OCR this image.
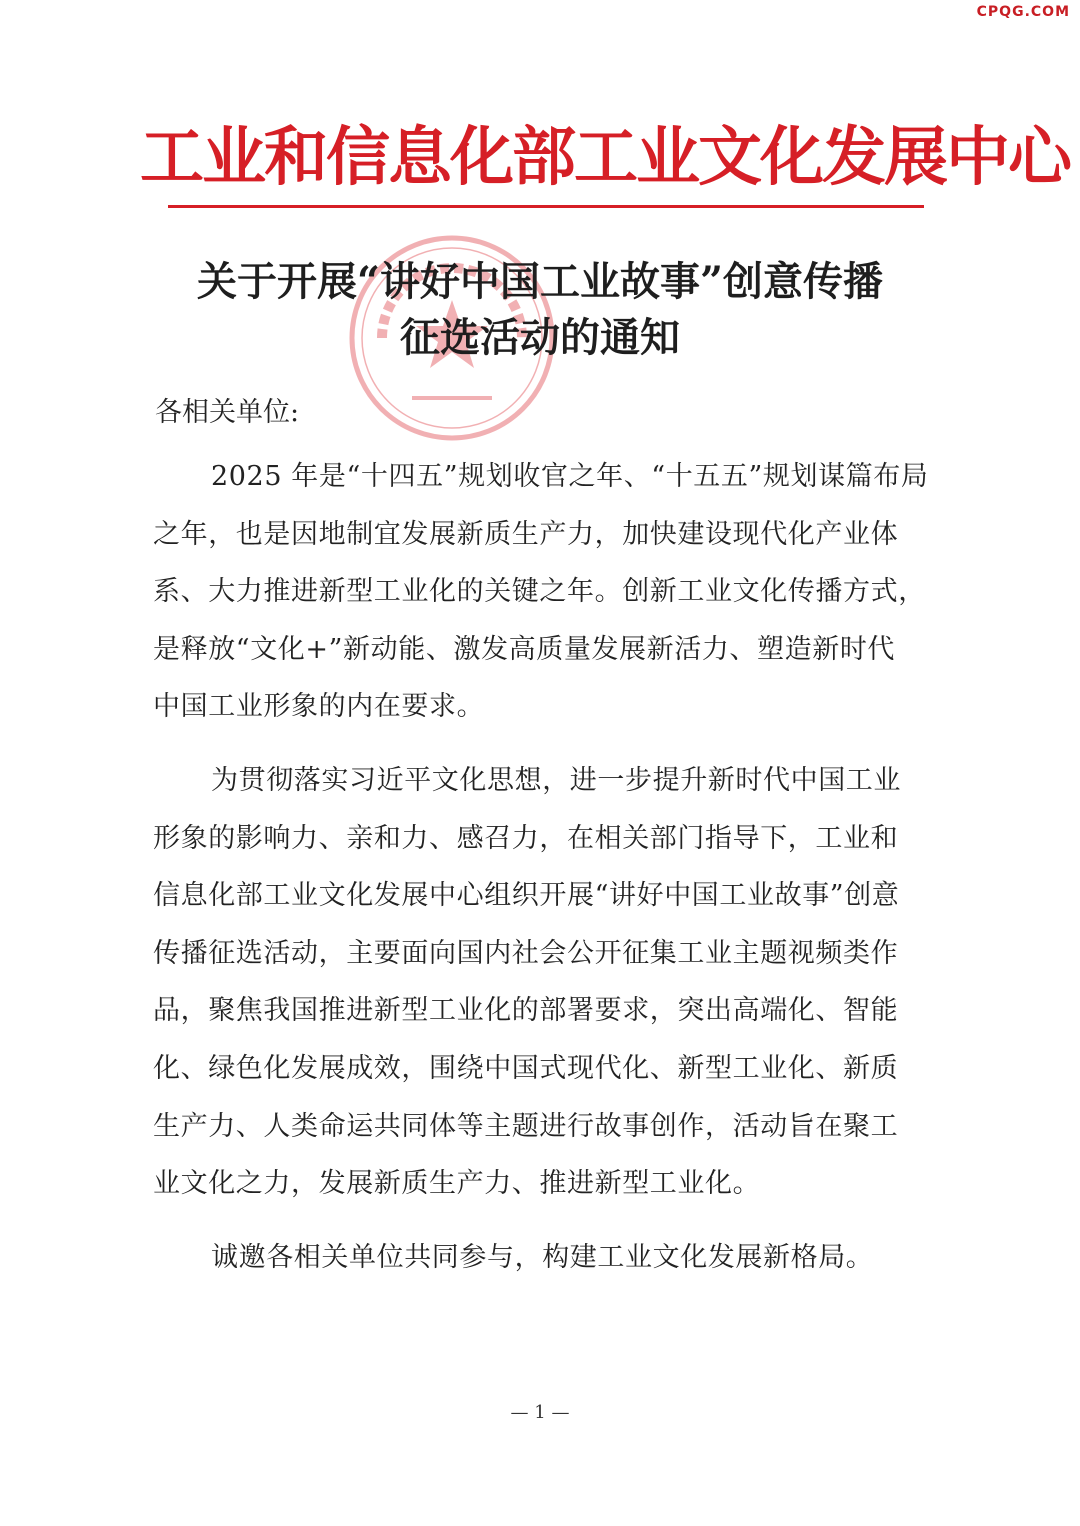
CPQG.COM
工业和信息化部工业文化发展中心
关于开展“讲好中国工业故事”创意传播
征选活动的通知
各相关单位:
2025 年是“十四五”规划收官之年、“十五五”规划谋篇布局
之年，也是因地制宜发展新质生产力，加快建设现代化产业体
系、大力推进新型工业化的关键之年。创新工业文化传播方式，
是释放“文化+”新动能、激发高质量发展新活力、塑造新时代
中国工业形象的内在要求。
为贯彻落实习近平文化思想，进一步提升新时代中国工业
形象的影响力、亲和力、感召力，在相关部门指导下，工业和
信息化部工业文化发展中心组织开展“讲好中国工业故事”创意
传播征选活动，主要面向国内社会公开征集工业主题视频类作
品，聚焦我国推进新型工业化的部署要求，突出高端化、智能
化、绿色化发展成效，围绕中国式现代化、新型工业化、新质
生产力、人类命运共同体等主题进行故事创作，活动旨在聚工
业文化之力，发展新质生产力、推进新型工业化。
诚邀各相关单位共同参与，构建工业文化发展新格局。
— 1 —
